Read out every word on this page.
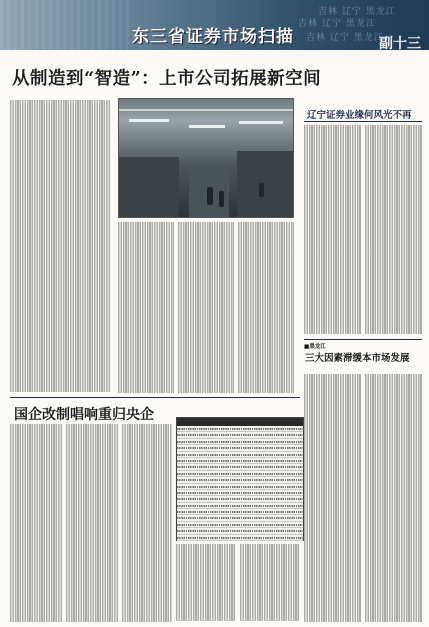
吉林 辽宁 黑龙江
吉林 辽宁 黑龙江
吉林 辽宁 黑龙江
东三省证券市场扫描	副十三
从制造到“智造”：上市公司拓展新空间
辽宁证券业缘何风光不再
■黑龙江
三大因素滞缓本市场发展
国企改制唱响重归央企
